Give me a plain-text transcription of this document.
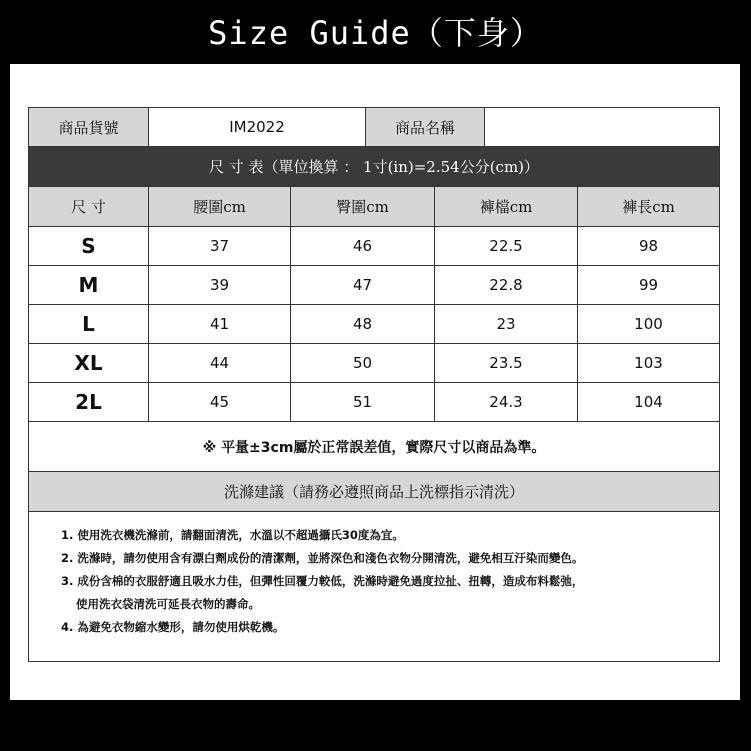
Size Guide（下身）
商品貨號	IM2022	商品名稱
尺 寸 表（單位換算 ： 1寸(in)=2.54公分(cm)）
尺 寸	腰圍cm	臀圍cm	褲檔cm	褲長cm
S	37	46	22.5	98
M	39	47	22.8	99
L	41	48	23	100
XL	44	50	23.5	103
2L	45	51	24.3	104
※ 平量±3cm屬於正常誤差值，實際尺寸以商品為準。
洗滌建議（請務必遵照商品上洗標指示清洗）
1. 使用洗衣機洗滌前，請翻面清洗，水溫以不超過攝氏30度為宜。
2. 洗滌時，請勿使用含有漂白劑成份的清潔劑，並將深色和淺色衣物分開清洗，避免相互汙染而變色。
3. 成份含棉的衣服舒適且吸水力佳，但彈性回覆力較低，洗滌時避免過度拉扯、扭轉，造成布料鬆弛，
使用洗衣袋清洗可延長衣物的壽命。
4. 為避免衣物縮水變形，請勿使用烘乾機。
